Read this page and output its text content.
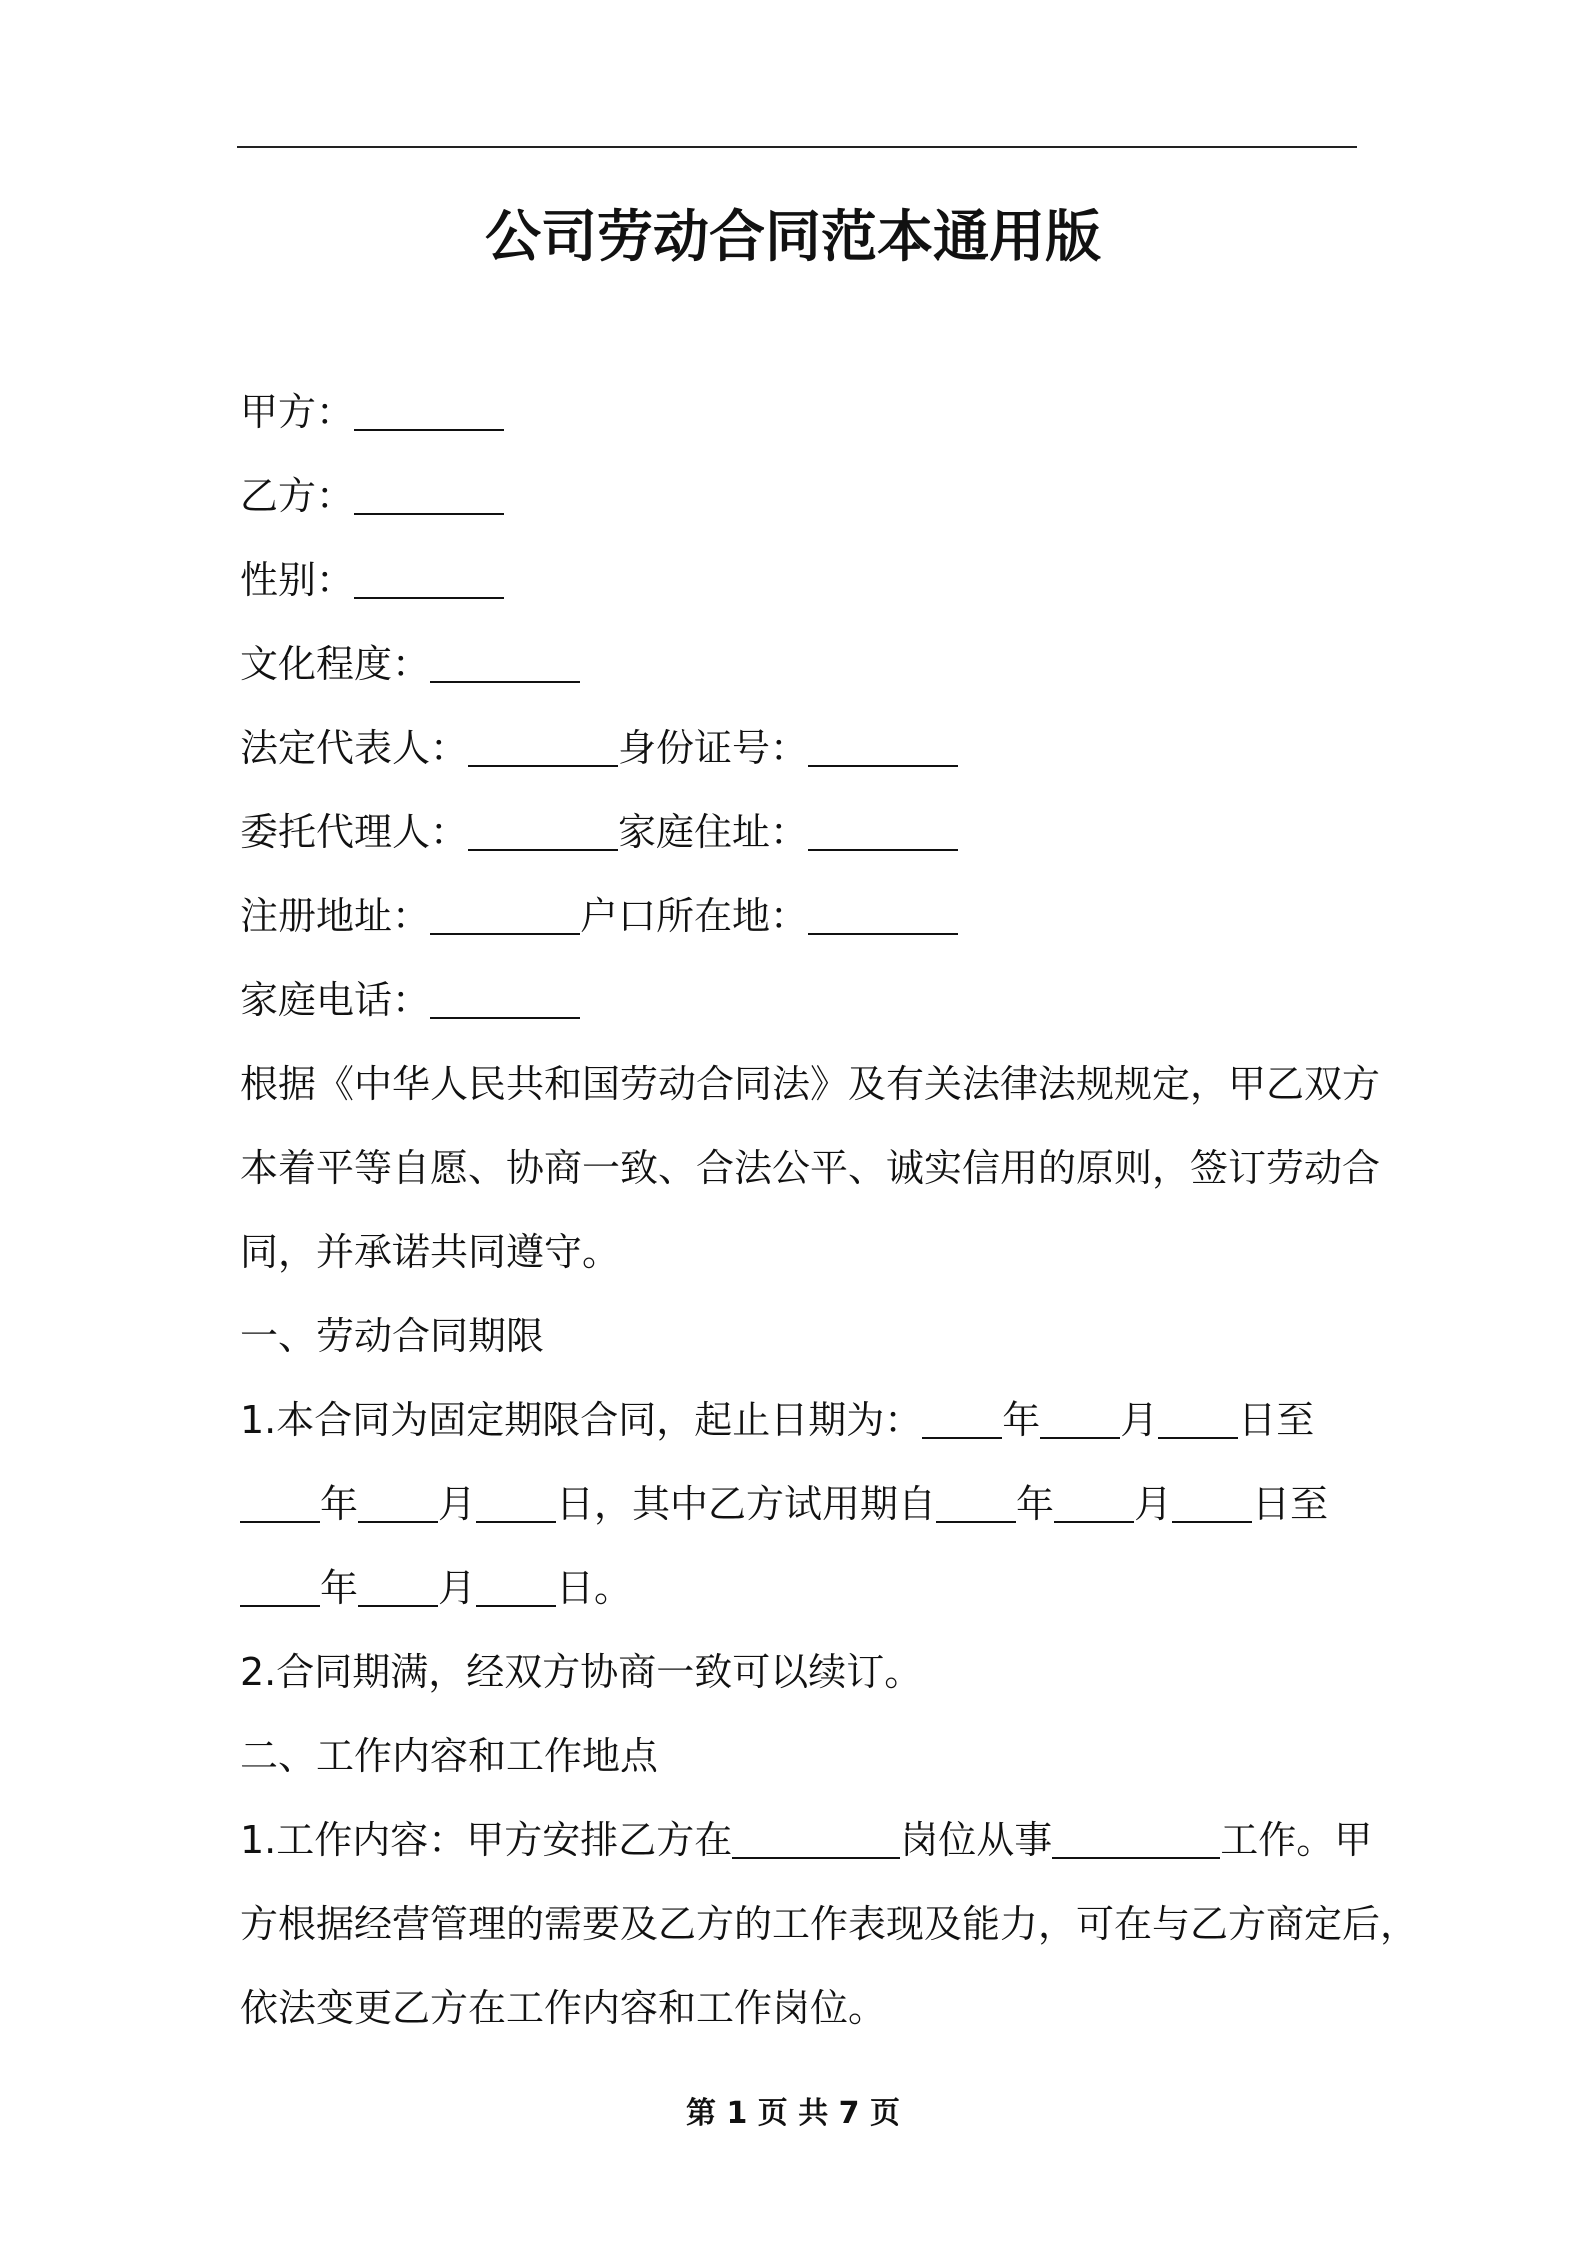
公司劳动合同范本通用版

甲方：

乙方：

性别：

文化程度：

法定代表人：	身份证号：

委托代理人：	家庭住址：

注册地址：	户口所在地：

家庭电话：

根据《中华人民共和国劳动合同法》及有关法律法规规定，甲乙双方

本着平等自愿、协商一致、合法公平、诚实信用的原则，签订劳动合

同，并承诺共同遵守。

一、劳动合同期限

1.本合同为固定期限合同，起止日期为： 年 月 日至

年 月 日，其中乙方试用期自 年 月 日至

年 月 日。

2.合同期满，经双方协商一致可以续订。

二、工作内容和工作地点

1.工作内容：甲方安排乙方在	岗位从事	工作。甲

方根据经营管理的需要及乙方的工作表现及能力，可在与乙方商定后，

依法变更乙方在工作内容和工作岗位。

第 1 页 共 7 页
